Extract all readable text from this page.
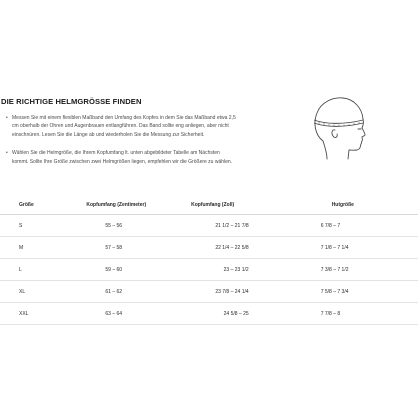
DIE RICHTIGE HELMGRÖSSE FINDEN
• Messen Sie mit einem flexiblen Maßband den Umfang des Kopfes in dem Sie das Maßband etwa 2,5
cm oberhalb der Ohren und Augenbrauen entlangführen. Das Band sollte eng anliegen, aber nicht
einschnüren. Lesen Sie die Länge ab und wiederholen Sie die Messung zur Sicherheit.
• Wählen Sie die Helmgröße, die Ihrem Kopfumfang lt. unten abgebildeter Tabelle am Nächsten
kommt. Sollte Ihre Größe zwischen zwei Helmgrößen liegen, empfehlen wir die Größere zu wählen.
Größe	Kopfumfang (Zentimeter)	Kopfumfang (Zoll)	Hutgröße
S	55 – 56	21 1/2 – 21 7/8	6 7/8 – 7
M	57 – 58	22 1/4 – 22 5/8	7 1/8 – 7 1/4
L	59 – 60	23 – 23 1/2	7 3/8 – 7 1/2
XL	61 – 62	23 7/8 – 24 1/4	7 5/8 – 7 3/4
XXL	63 – 64	24 5/8 – 25	7 7/8 – 8
